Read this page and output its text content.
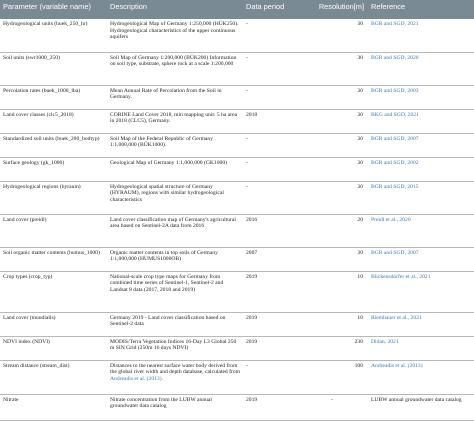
Parameter (variable name)	Description	Data period	Resolution[m]	Reference
Hydrogeological units (huek_250_hr)	Hydrogeological Map of Germany 1:250,000 (HÜK250). Hydrogeological characteristics of the upper continuous aquifers	-	30	BGR and SGD, 2021
Soil units (swr1000_250)	Soil Map of Germany 1:200,000 (BÜK200) Information on soil type, substrate, sphere rock at a scale 1:200,000	-	30	BGR and SGD, 2020
Percolation rates (buek_1000_lba)	Mean Annual Rate of Percolation from the Soil in Germany.	-	30	BGR and SGD, 2003
Land cover classes (clc5_2018)	CORINE Land Cover 2018, min mapping unit: 5 ha area in 2018 (CLC5), Germany.	2018	30	BKG and SGD, 2021
Standardized soil units (buek_200_bodtyp)	Soil Map of the Federal Republic of Germany 1:1,000,000 (BÜK1000).	-	30	BGR and SGD, 2007
Surface geology (gk_1000)	Geological Map of Germany 1:1,000,000 (GK1000)	-	30	BGR and SGD, 2002
Hydrogeological regions (hyraum)	Hydrogeological spatial structure of Germany (HYRAUM), regions with similar hydrogeological characteristics	-	30	BGR and SGD, 2015
Land cover (preidl)	Land cover classification map of Germany's agricultural area based on Sentinel-2A data from 2016	2016	20	Preidl et al., 2020
Soil organic matter contents (humus_1000)	Organic matter contents in top soils of Germany 1:1,000,000 (HUMUS1000OB)	2007	30	BGR and SGD, 2007
Crop types (crop_typ)	National-scale crop type maps for Germany from combined time series of Sentinel-1, Sentinel-2 and Landsat 8 data (2017, 2018 and 2019)	2019	10	Blickensdörfer et al., 2021
Land cover (mundialis)	Germany 2019 - Land cover classification based on Sentinel-2 data	2019	10	Riembauer et al., 2021
NDVI index (NDVI)	MODIS/Terra Vegetation Indices 16-Day L3 Global 250 m SIN Grid (250m 16 days NDVI)	2019	230	Didan, 2021
Stream distance (stream_dist)	Distances to the nearest surface water body derived from the global river width and depth database, calculated from Andreadis et al. (2013).	-	100	Andreadis et al. (2013)
Nitrate	Nitrate concentration from the LUBW annual groundwater data catalog	2019	-	LUBW annual groundwater data catalog
